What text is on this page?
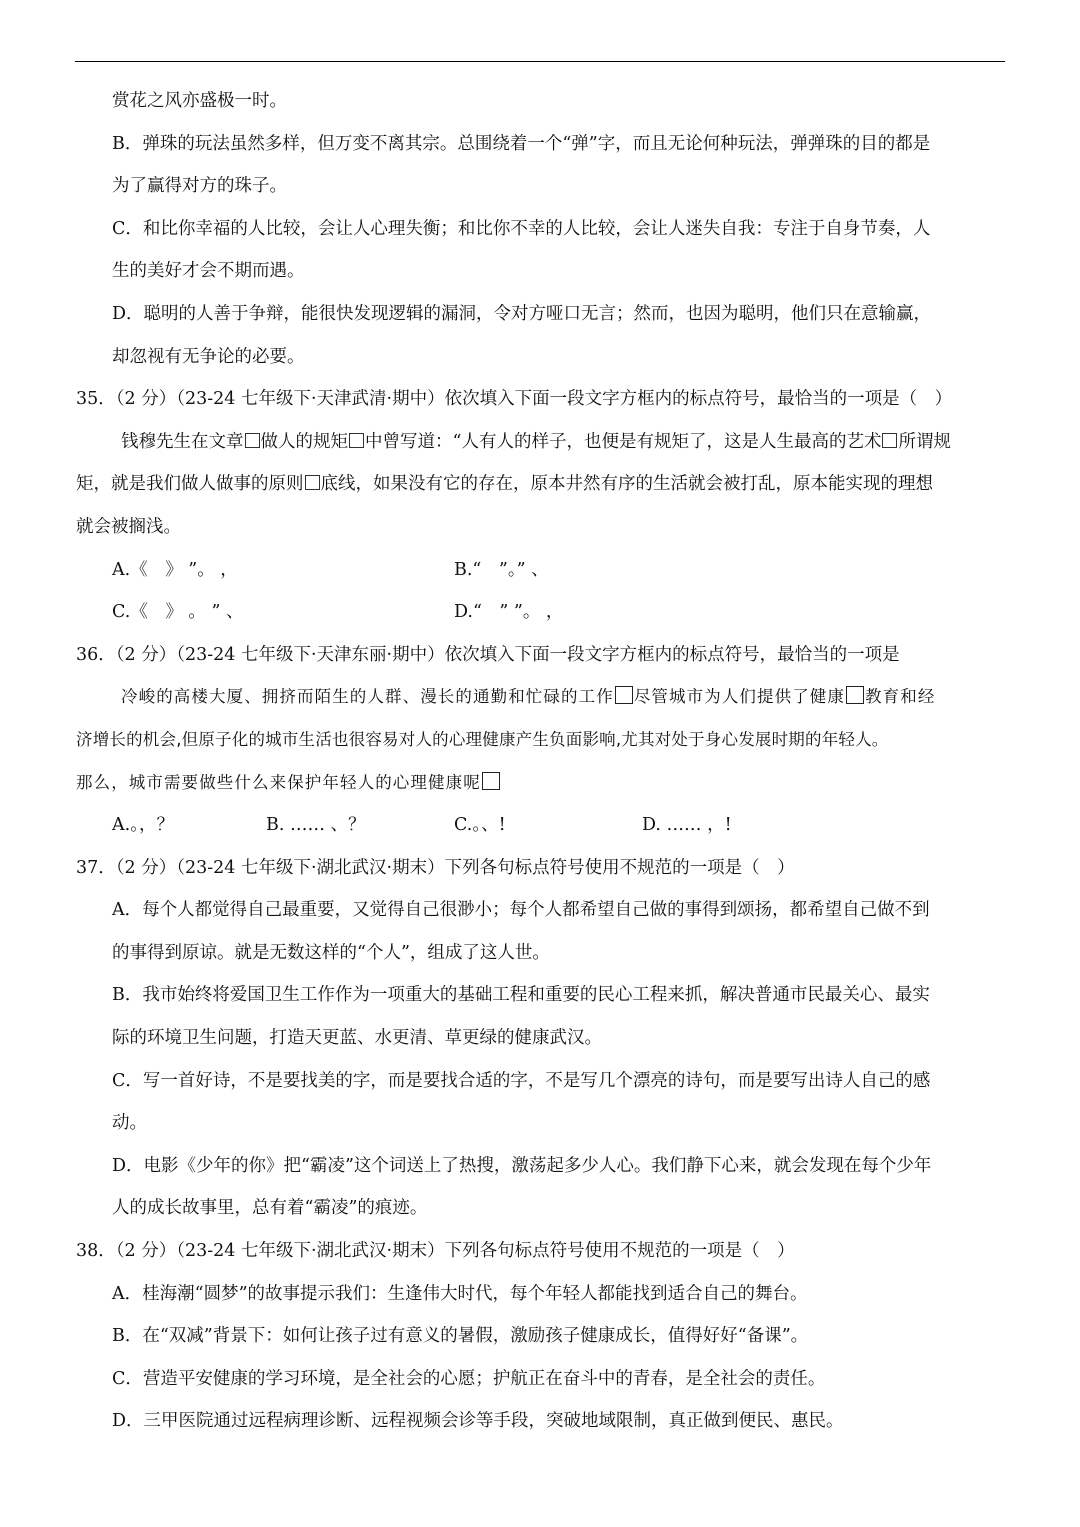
赏花之风亦盛极一时。
B．弹珠的玩法虽然多样，但万变不离其宗。总围绕着一个“弹”字，而且无论何种玩法，弹弹珠的目的都是
为了赢得对方的珠子。
C．和比你幸福的人比较，会让人心理失衡；和比你不幸的人比较，会让人迷失自我：专注于自身节奏，人
生的美好才会不期而遇。
D．聪明的人善于争辩，能很快发现逻辑的漏洞，令对方哑口无言；然而，也因为聪明，他们只在意输赢，
却忽视有无争论的必要。
35．（2 分）（23-24 七年级下·天津武清·期中）依次填入下面一段文字方框内的标点符号，最恰当的一项是（　）
钱穆先生在文章 做人的规矩 中曾写道：“人有人的样子，也便是有规矩了，这是人生最高的艺术 所谓规
矩，就是我们做人做事的原则 底线，如果没有它的存在，原本井然有序的生活就会被打乱，原本能实现的理想
就会被搁浅。
A.《　》 ”。 ，	B.“　”。” 、
C.《　》 。 ” 、	D.“　” ”。 ，
36．（2 分）（23-24 七年级下·天津东丽·期中）依次填入下面一段文字方框内的标点符号，最恰当的一项是
冷峻的高楼大厦、拥挤而陌生的人群、漫长的通勤和忙碌的工作 尽管城市为人们提供了健康 教育和经
济增长的机会,但原子化的城市生活也很容易对人的心理健康产生负面影响,尤其对处于身心发展时期的年轻人。
那么，城市需要做些什么来保护年轻人的心理健康呢
A.。，？	B. …… 、？	C.。、!	D. …… ，!
37．（2 分）（23-24 七年级下·湖北武汉·期末）下列各句标点符号使用不规范的一项是（　）
A．每个人都觉得自己最重要，又觉得自己很渺小；每个人都希望自己做的事得到颂扬，都希望自己做不到
的事得到原谅。就是无数这样的“个人”，组成了这人世。
B．我市始终将爱国卫生工作作为一项重大的基础工程和重要的民心工程来抓，解决普通市民最关心、最实
际的环境卫生问题，打造天更蓝、水更清、草更绿的健康武汉。
C．写一首好诗，不是要找美的字，而是要找合适的字，不是写几个漂亮的诗句，而是要写出诗人自己的感
动。
D．电影《少年的你》把“霸凌”这个词送上了热搜，激荡起多少人心。我们静下心来，就会发现在每个少年
人的成长故事里，总有着“霸凌”的痕迹。
38．（2 分）（23-24 七年级下·湖北武汉·期末）下列各句标点符号使用不规范的一项是（　）
A．桂海潮“圆梦”的故事提示我们：生逢伟大时代，每个年轻人都能找到适合自己的舞台。
B．在“双减”背景下：如何让孩子过有意义的暑假，激励孩子健康成长，值得好好“备课”。
C．营造平安健康的学习环境，是全社会的心愿；护航正在奋斗中的青春，是全社会的责任。
D．三甲医院通过远程病理诊断、远程视频会诊等手段，突破地域限制，真正做到便民、惠民。
